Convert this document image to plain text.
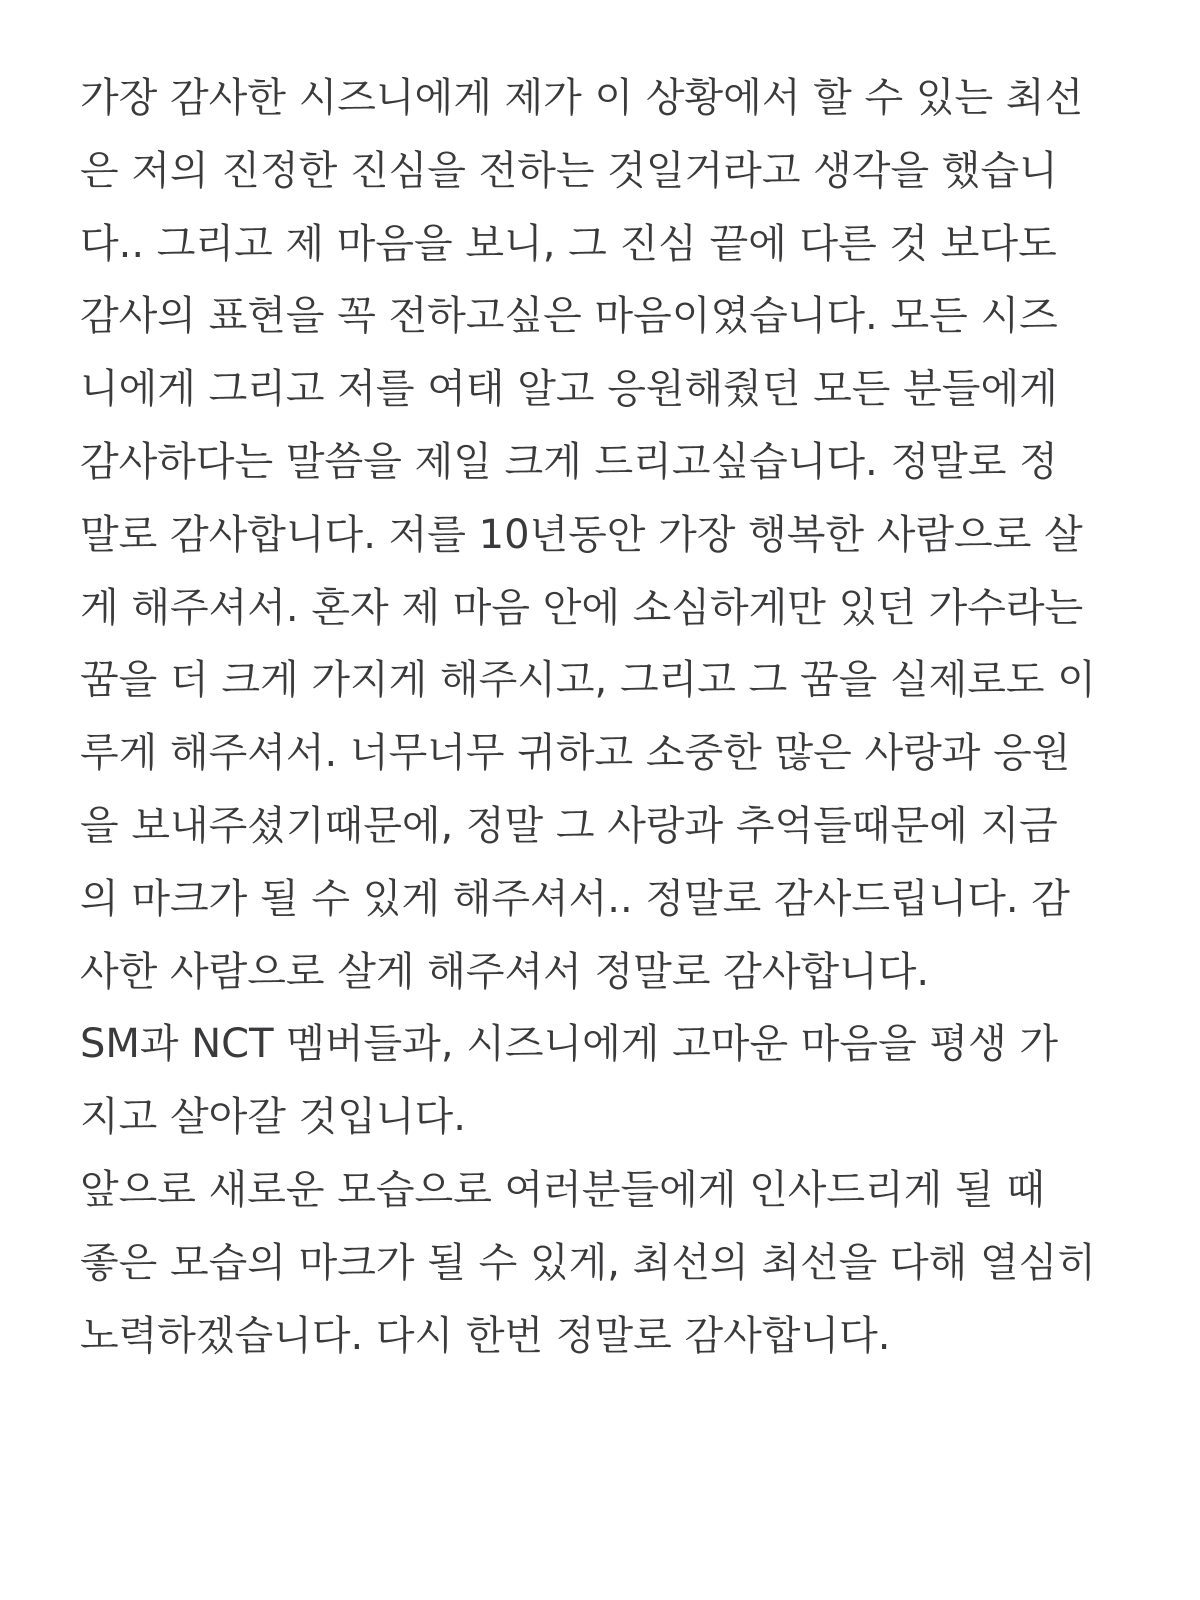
가장 감사한 시즈니에게 제가 이 상황에서 할 수 있는 최선
은 저의 진정한 진심을 전하는 것일거라고 생각을 했습니
다.. 그리고 제 마음을 보니, 그 진심 끝에 다른 것 보다도
감사의 표현을 꼭 전하고싶은 마음이였습니다. 모든 시즈
니에게 그리고 저를 여태 알고 응원해줬던 모든 분들에게
감사하다는 말씀을 제일 크게 드리고싶습니다. 정말로 정
말로 감사합니다. 저를 10년동안 가장 행복한 사람으로 살
게 해주셔서. 혼자 제 마음 안에 소심하게만 있던 가수라는
꿈을 더 크게 가지게 해주시고, 그리고 그 꿈을 실제로도 이
루게 해주셔서. 너무너무 귀하고 소중한 많은 사랑과 응원
을 보내주셨기때문에, 정말 그 사랑과 추억들때문에 지금
의 마크가 될 수 있게 해주셔서.. 정말로 감사드립니다. 감
사한 사람으로 살게 해주셔서 정말로 감사합니다.
SM과 NCT 멤버들과, 시즈니에게 고마운 마음을 평생 가
지고 살아갈 것입니다.
앞으로 새로운 모습으로 여러분들에게 인사드리게 될 때
좋은 모습의 마크가 될 수 있게, 최선의 최선을 다해 열심히
노력하겠습니다. 다시 한번 정말로 감사합니다.
